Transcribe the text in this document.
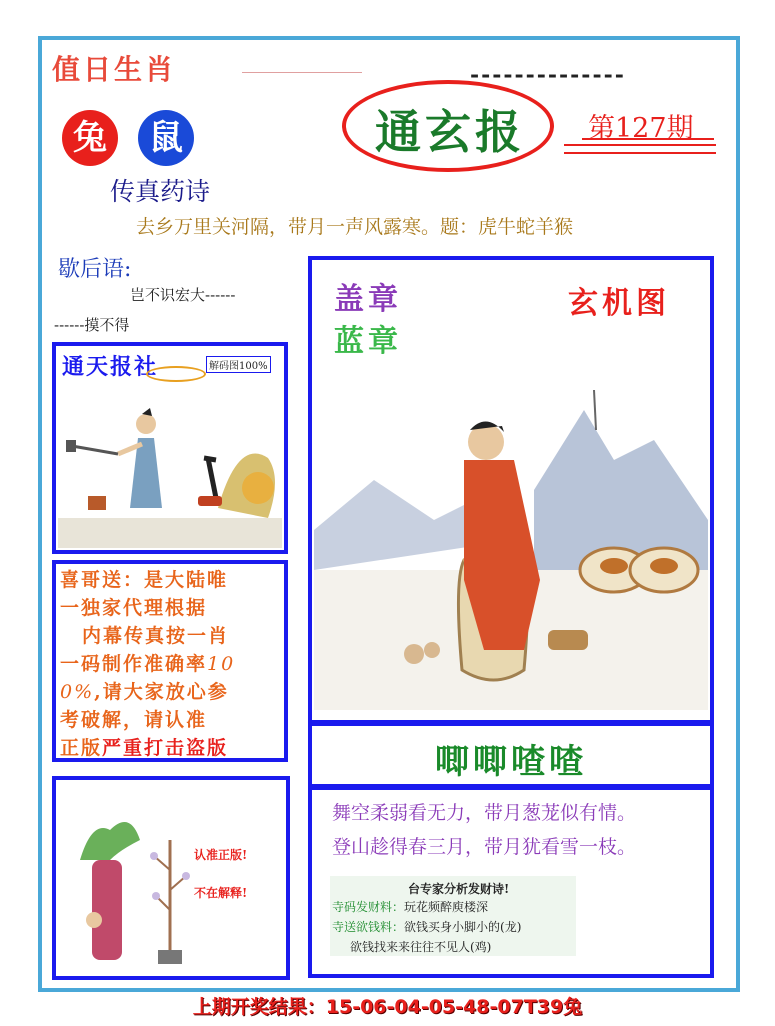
值日生肖	--------------
兔	鼠
传真药诗
通玄报	第127期
去乡万里关河隔，带月一声风露寒。题：虎牛蛇羊猴
歇后语:
岂不识宏大------
------摸不得
通天报社	解码图100%
喜哥送：是大陆唯
一独家代理根据
内幕传真按一肖
一码制作准确率10
0%,请大家放心参
考破解，请认准
正版严重打击盗版
认准正版!
不在解释!
盖章
蓝章
玄机图
唧唧喳喳
舞空柔弱看无力，带月葱茏似有情。
登山趁得春三月，带月犹看雪一枝。
台专家分析发财诗!
寺码发财料：玩花频醉庾楼深
寺送欲钱料：欲钱买身小脚小的(龙)
欲钱找来来往往不见人(鸡)
上期开奖结果：15-06-04-05-48-07T39兔
